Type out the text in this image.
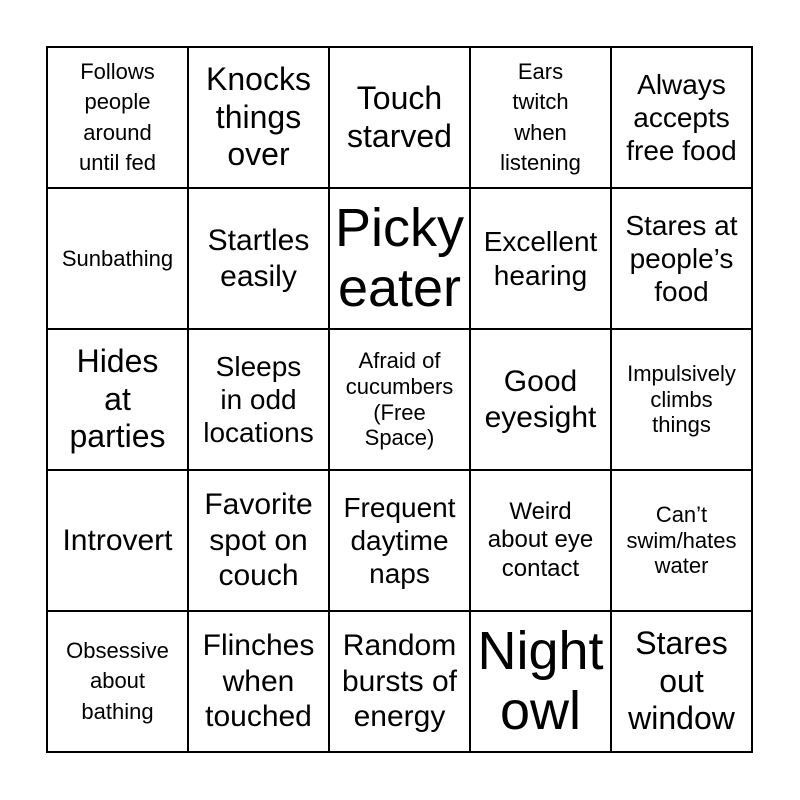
Follows
people
around
until fed
Knocks
things
over
Touch
starved
Ears
twitch
when
listening
Always
accepts
free food
Sunbathing
Startles
easily
Picky
eater
Excellent
hearing
Stares at
people’s
food
Hides
at
parties
Sleeps
in odd
locations
Afraid of
cucumbers
(Free
Space)
Good
eyesight
Impulsively
climbs
things
Introvert
Favorite
spot on
couch
Frequent
daytime
naps
Weird
about eye
contact
Can’t
swim/hates
water
Obsessive
about
bathing
Flinches
when
touched
Random
bursts of
energy
Night
owl
Stares
out
window
